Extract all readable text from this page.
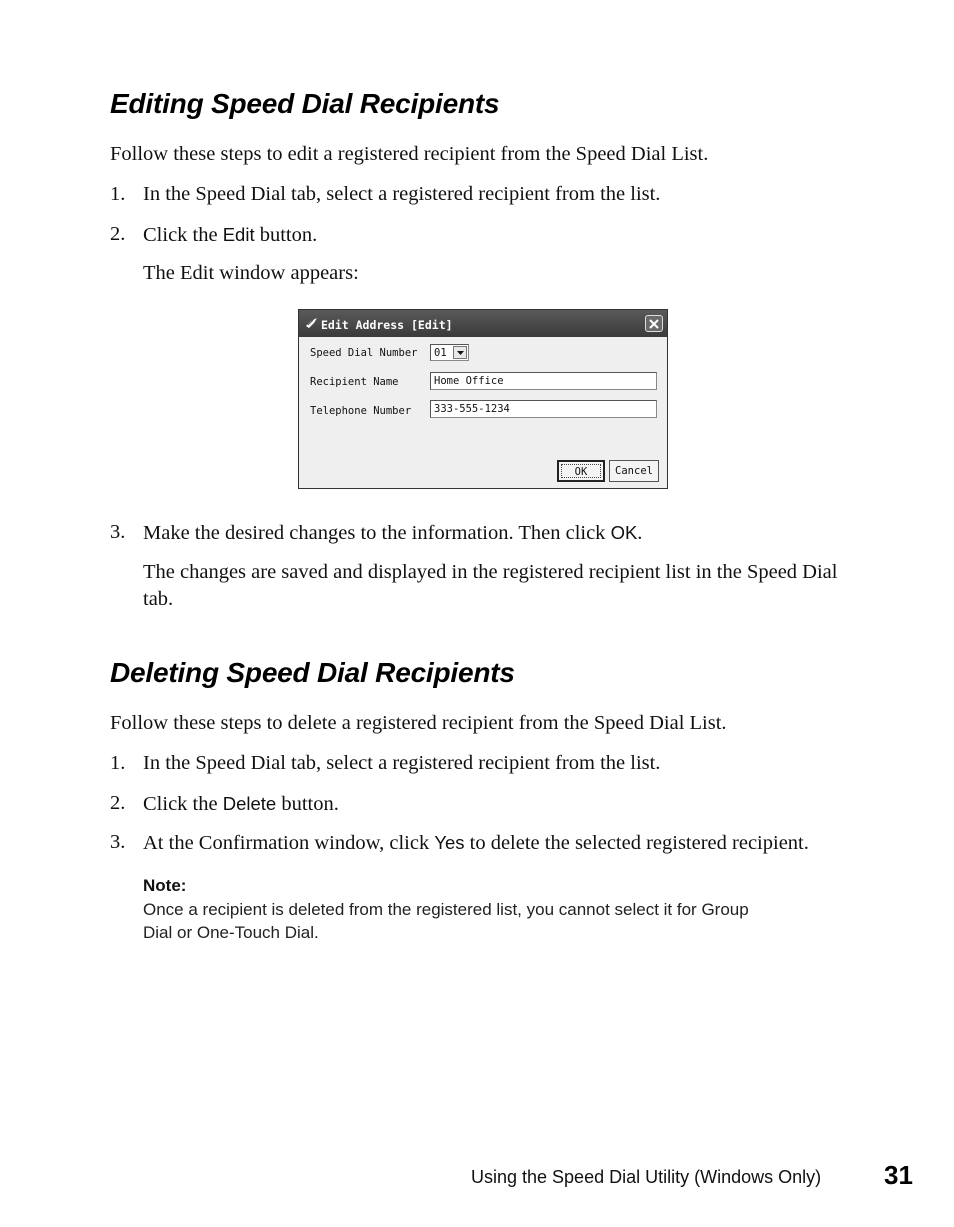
Editing Speed Dial Recipients

Follow these steps to edit a registered recipient from the Speed Dial List.

1. In the Speed Dial tab, select a registered recipient from the list.
2. Click the Edit button.
The Edit window appears:
Edit Address [Edit]
Speed Dial Number	01
Recipient Name	Home Office
Telephone Number	333-555-1234
OK	Cancel
3. Make the desired changes to the information. Then click OK.

The changes are saved and displayed in the registered recipient list in the Speed Dial tab.

Deleting Speed Dial Recipients

Follow these steps to delete a registered recipient from the Speed Dial List.

1. In the Speed Dial tab, select a registered recipient from the list.
2. Click the Delete button.
3. At the Confirmation window, click Yes to delete the selected registered recipient.
Note:
Once a recipient is deleted from the registered list, you cannot select it for Group
Dial or One-Touch Dial.
Using the Speed Dial Utility (Windows Only) 31
